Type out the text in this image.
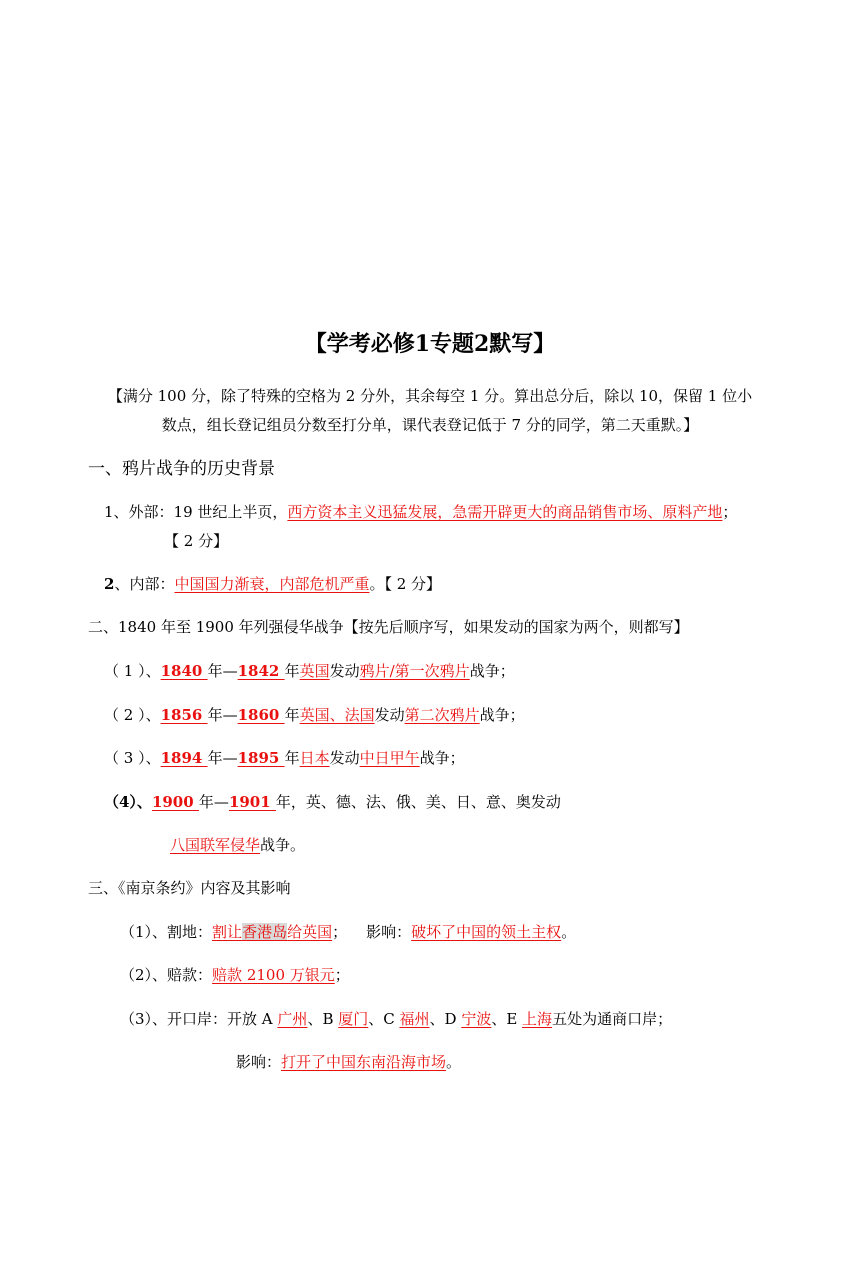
【学考必修1专题2默写】
【满分 100 分，除了特殊的空格为 2 分外，其余每空 1 分。算出总分后，除以 10，保留 1 位小
数点，组长登记组员分数至打分单，课代表登记低于 7 分的同学，第二天重默。】
一、鸦片战争的历史背景
1、外部：19 世纪上半页，西方资本主义迅猛发展，急需开辟更大的商品销售市场、原料产地；
【 2 分】
2、内部：中国国力渐衰，内部危机严重。【 2 分】
二、1840 年至 1900 年列强侵华战争【按先后顺序写，如果发动的国家为两个，则都写】
（ 1 ）、1840 年—1842 年英国发动鸦片/第一次鸦片战争；
（ 2 ）、1856 年—1860 年英国、法国发动第二次鸦片战争；
（ 3 ）、1894 年—1895 年日本发动中日甲午战争；
（4）、1900 年—1901 年，英、德、法、俄、美、日、意、奥发动
八国联军侵华战争。
三、《南京条约》内容及其影响
（1）、割地：割让香港岛给英国；    影响：破坏了中国的领土主权。
（2）、赔款：赔款 2100 万银元；
（3）、开口岸：开放 A 广州、B 厦门、C 福州、D 宁波、E 上海五处为通商口岸；
影响：打开了中国东南沿海市场。
